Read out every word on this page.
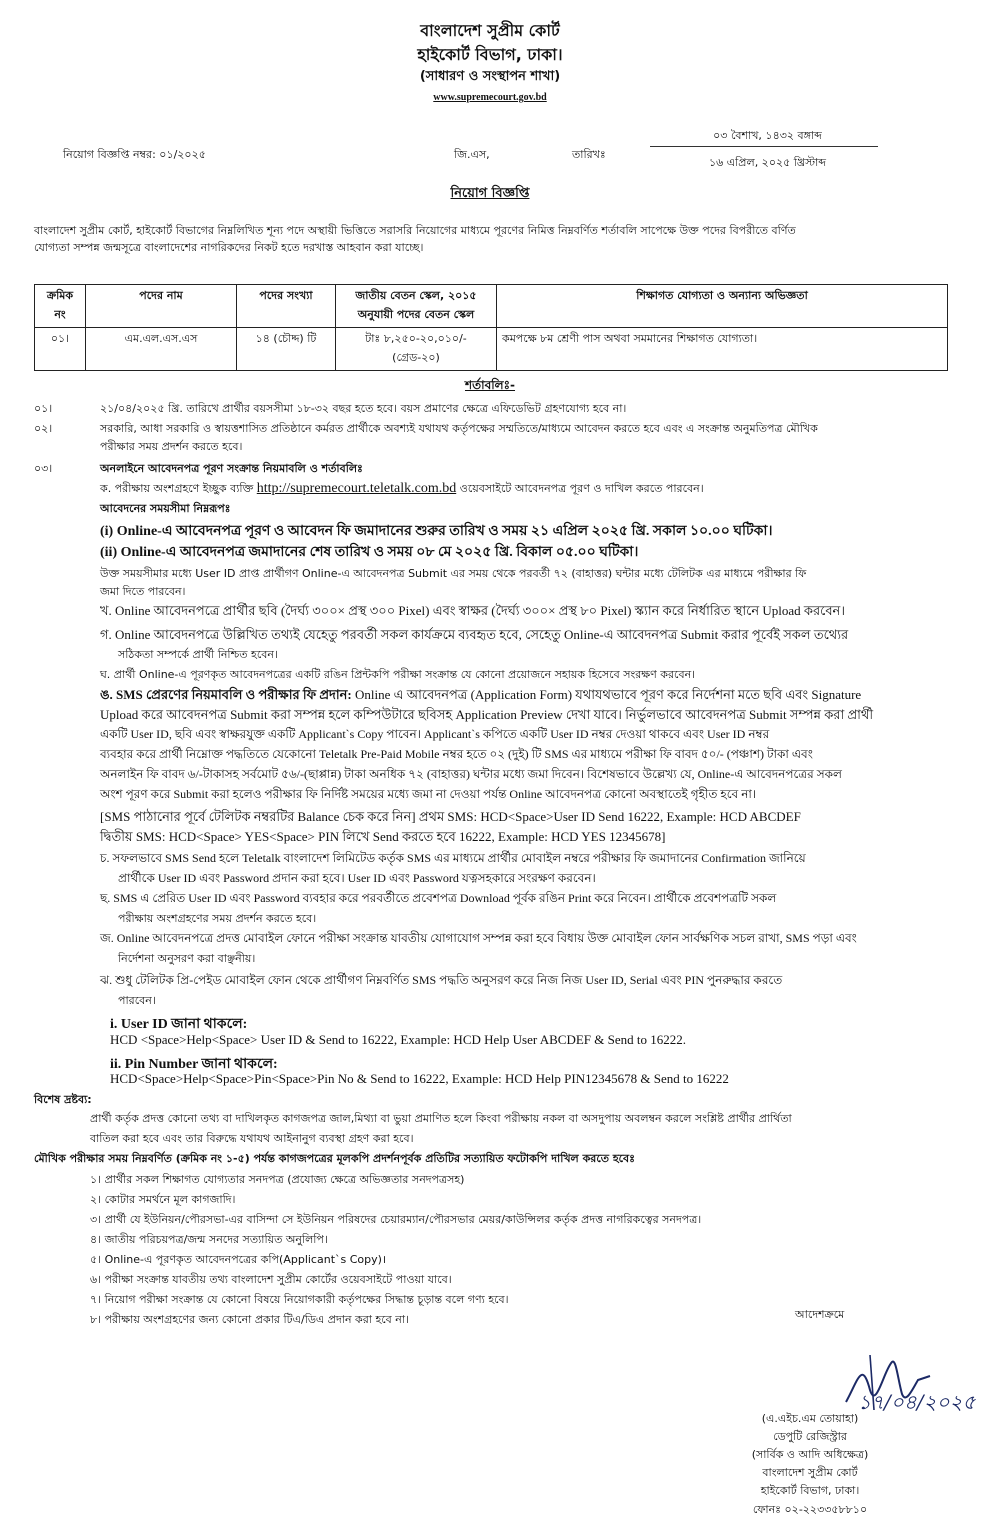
বাংলাদেশ সুপ্রীম কোর্ট
হাইকোর্ট বিভাগ, ঢাকা।
(সাধারণ ও সংস্থাপন শাখা)
www.supremecourt.gov.bd
নিয়োগ বিজ্ঞপ্তি নম্বর: ০১/২০২৫	জি.এস,	তারিখঃ
০৩ বৈশাখ, ১৪৩২ বঙ্গাব্দ
১৬ এপ্রিল, ২০২৫ খ্রিস্টাব্দ
নিয়োগ বিজ্ঞপ্তি
বাংলাদেশ সুপ্রীম কোর্ট, হাইকোর্ট বিভাগের নিম্নলিখিত শূন্য পদে অস্থায়ী ভিত্তিতে সরাসরি নিয়োগের মাধ্যমে পূরণের নিমিত্ত নিম্নবর্ণিত শর্তাবলি সাপেক্ষে উক্ত পদের বিপরীতে বর্ণিত
যোগ্যতা সম্পন্ন জন্মসূত্রে বাংলাদেশের নাগরিকদের নিকট হতে দরখাস্ত আহবান করা যাচ্ছে।
ক্রমিক নং	পদের নাম	পদের সংখ্যা	জাতীয় বেতন স্কেল, ২০১৫ অনুযায়ী পদের বেতন স্কেল	শিক্ষাগত যোগ্যতা ও অন্যান্য অভিজ্ঞতা
০১।	এম.এল.এস.এস	১৪ (চৌদ্দ) টি	টাঃ ৮,২৫০-২০,০১০/- (গ্রেড-২০)	কমপক্ষে ৮ম শ্রেণী পাস অথবা সমমানের শিক্ষাগত যোগ্যতা।
শর্তাবলিঃ-
০১।	২১/০৪/২০২৫ খ্রি. তারিখে প্রার্থীর বয়সসীমা ১৮-৩২ বছর হতে হবে। বয়স প্রমাণের ক্ষেত্রে এফিডেভিট গ্রহণযোগ্য হবে না।
০২।	সরকারি, আধা সরকারি ও স্বায়ত্তশাসিত প্রতিষ্ঠানে কর্মরত প্রার্থীকে অবশ্যই যথাযথ কর্তৃপক্ষের সম্মতিতে/মাধ্যমে আবেদন করতে হবে এবং এ সংক্রান্ত অনুমতিপত্র মৌখিক
পরীক্ষার সময় প্রদর্শন করতে হবে।
০৩।	অনলাইনে আবেদনপত্র পূরণ সংক্রান্ত নিয়মাবলি ও শর্তাবলিঃ
ক. পরীক্ষায় অংশগ্রহণে ইচ্ছুক ব্যক্তি http://supremecourt.teletalk.com.bd ওয়েবসাইটে আবেদনপত্র পূরণ ও দাখিল করতে পারবেন।
আবেদনের সময়সীমা নিম্নরূপঃ
(i) Online-এ আবেদনপত্র পূরণ ও আবেদন ফি জমাদানের শুরুর তারিখ ও সময় ২১ এপ্রিল ২০২৫ খ্রি. সকাল ১০.০০ ঘটিকা।
(ii) Online-এ আবেদনপত্র জমাদানের শেষ তারিখ ও সময় ০৮ মে ২০২৫ খ্রি. বিকাল ০৫.০০ ঘটিকা।
উক্ত সময়সীমার মধ্যে User ID প্রাপ্ত প্রার্থীগণ Online-এ আবেদনপত্র Submit এর সময় থেকে পরবর্তী ৭২ (বাহাত্তর) ঘন্টার মধ্যে টেলিটক এর মাধ্যমে পরীক্ষার ফি
জমা দিতে পারবেন।
খ. Online আবেদনপত্রে প্রার্থীর ছবি (দৈর্ঘ্য ৩০০× প্রস্থ ৩০০ Pixel) এবং স্বাক্ষর (দৈর্ঘ্য ৩০০× প্রস্থ ৮০ Pixel) স্ক্যান করে নির্ধারিত স্থানে Upload করবেন।
গ. Online আবেদনপত্রে উল্লিখিত তথ্যই যেহেতু পরবর্তী সকল কার্যক্রমে ব্যবহৃত হবে, সেহেতু Online-এ আবেদনপত্র Submit করার পূর্বেই সকল তথ্যের
সঠিকতা সম্পর্কে প্রার্থী নিশ্চিত হবেন।
ঘ. প্রার্থী Online-এ পূরণকৃত আবেদনপত্রের একটি রঙিন প্রিন্টকপি পরীক্ষা সংক্রান্ত যে কোনো প্রয়োজনে সহায়ক হিসেবে সংরক্ষণ করবেন।
ঙ. SMS প্রেরণের নিয়মাবলি ও পরীক্ষার ফি প্রদান: Online এ আবেদনপত্র (Application Form) যথাযথভাবে পূরণ করে নির্দেশনা মতে ছবি এবং Signature
Upload করে আবেদনপত্র Submit করা সম্পন্ন হলে কম্পিউটারে ছবিসহ Application Preview দেখা যাবে। নির্ভুলভাবে আবেদনপত্র Submit সম্পন্ন করা প্রার্থী
একটি User ID, ছবি এবং স্বাক্ষরযুক্ত একটি Applicant`s Copy পাবেন। Applicant`s কপিতে একটি User ID নম্বর দেওয়া থাকবে এবং User ID নম্বর
ব্যবহার করে প্রার্থী নিম্নোক্ত পদ্ধতিতে যেকোনো Teletalk Pre-Paid Mobile নম্বর হতে ০২ (দুই) টি SMS এর মাধ্যমে পরীক্ষা ফি বাবদ ৫০/- (পঞ্চাশ) টাকা এবং
অনলাইন ফি বাবদ ৬/-টাকাসহ সর্বমোট ৫৬/-(ছাপ্পান্ন) টাকা অনধিক ৭২ (বাহাত্তর) ঘন্টার মধ্যে জমা দিবেন। বিশেষভাবে উল্লেখ্য যে, Online-এ আবেদনপত্রের সকল
অংশ পূরণ করে Submit করা হলেও পরীক্ষার ফি নির্দিষ্ট সময়ের মধ্যে জমা না দেওয়া পর্যন্ত Online আবেদনপত্র কোনো অবস্থাতেই গৃহীত হবে না।
[SMS পাঠানোর পূর্বে টেলিটক নম্বরটির Balance চেক করে নিন] প্রথম SMS: HCD<Space>User ID Send 16222, Example: HCD ABCDEF
দ্বিতীয় SMS: HCD<Space> YES<Space> PIN লিখে Send করতে হবে 16222, Example: HCD YES 12345678]
চ. সফলভাবে SMS Send হলে Teletalk বাংলাদেশ লিমিটেড কর্তৃক SMS এর মাধ্যমে প্রার্থীর মোবাইল নম্বরে পরীক্ষার ফি জমাদানের Confirmation জানিয়ে
প্রার্থীকে User ID এবং Password প্রদান করা হবে। User ID এবং Password যত্নসহকারে সংরক্ষণ করবেন।
ছ. SMS এ প্রেরিত User ID এবং Password ব্যবহার করে পরবর্তীতে প্রবেশপত্র Download পূর্বক রঙিন Print করে নিবেন। প্রার্থীকে প্রবেশপত্রটি সকল
পরীক্ষায় অংশগ্রহণের সময় প্রদর্শন করতে হবে।
জ. Online আবেদনপত্রে প্রদত্ত মোবাইল ফোনে পরীক্ষা সংক্রান্ত যাবতীয় যোগাযোগ সম্পন্ন করা হবে বিধায় উক্ত মোবাইল ফোন সার্বক্ষণিক সচল রাখা, SMS পড়া এবং
নির্দেশনা অনুসরণ করা বাঞ্ছনীয়।
ঝ. শুধু টেলিটক প্রি-পেইড মোবাইল ফোন থেকে প্রার্থীগণ নিম্নবর্ণিত SMS পদ্ধতি অনুসরণ করে নিজ নিজ User ID, Serial এবং PIN পুনরুদ্ধার করতে
পারবেন।
i. User ID জানা থাকলে:
HCD <Space>Help<Space> User ID & Send to 16222, Example: HCD Help User ABCDEF & Send to 16222.
ii. Pin Number জানা থাকলে:
HCD<Space>Help<Space>Pin<Space>Pin No & Send to 16222, Example: HCD Help PIN12345678 & Send to 16222
বিশেষ দ্রষ্টব্য:
প্রার্থী কর্তৃক প্রদত্ত কোনো তথ্য বা দাখিলকৃত কাগজপত্র জাল,মিথ্যা বা ভুয়া প্রমাণিত হলে কিংবা পরীক্ষায় নকল বা অসদুপায় অবলম্বন করলে সংশ্লিষ্ট প্রার্থীর প্রার্থিতা
বাতিল করা হবে এবং তার বিরুদ্ধে যথাযথ আইনানুগ ব্যবস্থা গ্রহণ করা হবে।
মৌখিক পরীক্ষার সময় নিম্নবর্ণিত (ক্রমিক নং ১-৫) পর্যন্ত কাগজপত্রের মূলকপি প্রদর্শনপূর্বক প্রতিটির সত্যায়িত ফটোকপি দাখিল করতে হবেঃ
১। প্রার্থীর সকল শিক্ষাগত যোগ্যতার সনদপত্র (প্রযোজ্য ক্ষেত্রে অভিজ্ঞতার সনদপত্রসহ)
২। কোটার সমর্থনে মূল কাগজাদি।
৩। প্রার্থী যে ইউনিয়ন/পৌরসভা-এর বাসিন্দা সে ইউনিয়ন পরিষদের চেয়ারম্যান/পৌরসভার মেয়র/কাউন্সিলর কর্তৃক প্রদত্ত নাগরিকত্বের সনদপত্র।
৪। জাতীয় পরিচয়পত্র/জন্ম সনদের সত্যায়িত অনুলিপি।
৫। Online-এ পূরণকৃত আবেদনপত্রের কপি(Applicant`s Copy)।
৬। পরীক্ষা সংক্রান্ত যাবতীয় তথ্য বাংলাদেশ সুপ্রীম কোর্টের ওয়েবসাইটে পাওয়া যাবে।
৭। নিয়োগ পরীক্ষা সংক্রান্ত যে কোনো বিষয়ে নিয়োগকারী কর্তৃপক্ষের সিদ্ধান্ত চূড়ান্ত বলে গণ্য হবে।
৮। পরীক্ষায় অংশগ্রহণের জন্য কোনো প্রকার টিএ/ডিএ প্রদান করা হবে না।	আদেশক্রমে
১৭/০৪/২০২৫
(এ.এইচ.এম তোয়াহা)
ডেপুটি রেজিস্ট্রার
(সার্বিক ও আদি অধিক্ষেত্র)
বাংলাদেশ সুপ্রীম কোর্ট
হাইকোর্ট বিভাগ, ঢাকা।
ফোনঃ ০২-২২৩৩৫৮৮১০
